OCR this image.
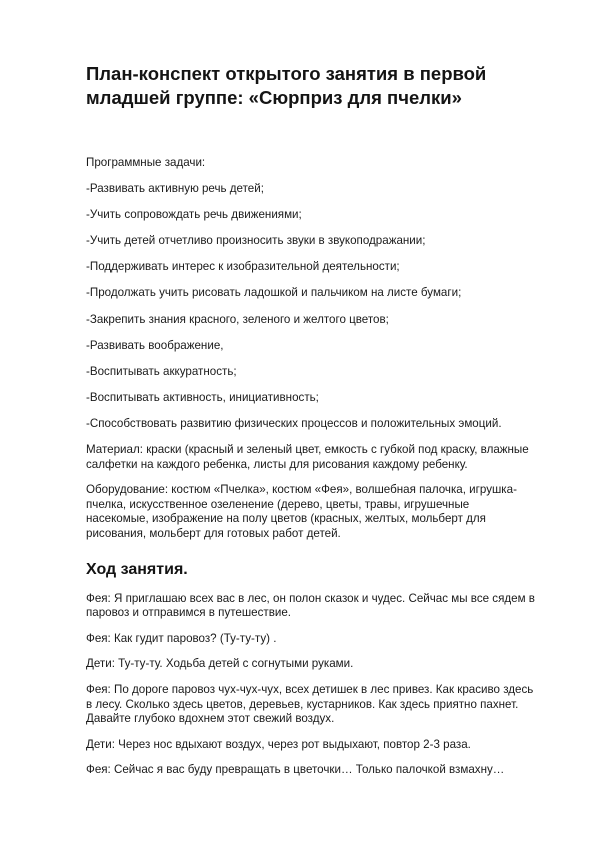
План-конспект открытого занятия в первой младшей группе: «Сюрприз для пчелки»

Программные задачи:

-Развивать активную речь детей;

-Учить сопровождать речь движениями;

-Учить детей отчетливо произносить звуки в звукоподражании;

-Поддерживать интерес к изобразительной деятельности;

-Продолжать учить рисовать ладошкой и пальчиком на листе бумаги;

-Закрепить знания красного, зеленого и желтого цветов;

-Развивать воображение,

-Воспитывать аккуратность;

-Воспитывать активность, инициативность;

-Способствовать развитию физических процессов и положительных эмоций.

Материал: краски (красный и зеленый цвет, емкость с губкой под краску, влажные салфетки на каждого ребенка, листы для рисования каждому ребенку.

Оборудование: костюм «Пчелка», костюм «Фея», волшебная палочка, игрушка-пчелка, искусственное озеленение (дерево, цветы, травы, игрушечные насекомые, изображение на полу цветов (красных, желтых, мольберт для рисования, мольберт для готовых работ детей.

Ход занятия.

Фея: Я приглашаю всех вас в лес, он полон сказок и чудес. Сейчас мы все сядем в паровоз и отправимся в путешествие.

Фея: Как гудит паровоз? (Ту-ту-ту) .

Дети: Ту-ту-ту. Ходьба детей с согнутыми руками.

Фея: По дороге паровоз чух-чух-чух, всех детишек в лес привез. Как красиво здесь в лесу. Сколько здесь цветов, деревьев, кустарников. Как здесь приятно пахнет. Давайте глубоко вдохнем этот свежий воздух.

Дети: Через нос вдыхают воздух, через рот выдыхают, повтор 2-3 раза.

Фея: Сейчас я вас буду превращать в цветочки… Только палочкой взмахну…
